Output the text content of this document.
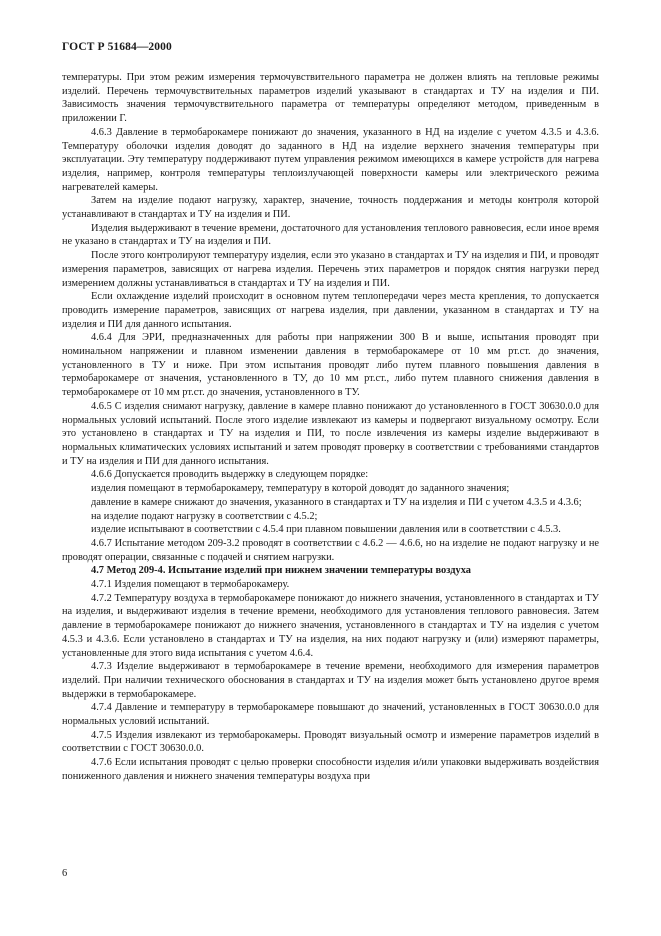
ГОСТ Р 51684—2000

температуры. При этом режим измерения термочувствительного параметра не должен влиять на тепловые режимы изделий. Перечень термочувствительных параметров изделий указывают в стандартах и ТУ на изделия и ПИ. Зависимость значения термочувствительного параметра от температуры определяют методом, приведенным в приложении Г.

4.6.3 Давление в термобарокамере понижают до значения, указанного в НД на изделие с учетом 4.3.5 и 4.3.6. Температуру оболочки изделия доводят до заданного в НД на изделие верхнего значения температуры при эксплуатации. Эту температуру поддерживают путем управления режимом имеющихся в камере устройств для нагрева изделия, например, контроля температуры теплоизлучающей поверхности камеры или электрического режима нагревателей камеры.

Затем на изделие подают нагрузку, характер, значение, точность поддержания и методы контроля которой устанавливают в стандартах и ТУ на изделия и ПИ.

Изделия выдерживают в течение времени, достаточного для установления теплового равновесия, если иное время не указано в стандартах и ТУ на изделия и ПИ.

После этого контролируют температуру изделия, если это указано в стандартах и ТУ на изделия и ПИ, и проводят измерения параметров, зависящих от нагрева изделия. Перечень этих параметров и порядок снятия нагрузки перед измерением должны устанавливаться в стандартах и ТУ на изделия и ПИ.

Если охлаждение изделий происходит в основном путем теплопередачи через места крепления, то допускается проводить измерение параметров, зависящих от нагрева изделия, при давлении, указанном в стандартах и ТУ на изделия и ПИ для данного испытания.

4.6.4 Для ЭРИ, предназначенных для работы при напряжении 300 В и выше, испытания проводят при номинальном напряжении и плавном изменении давления в термобарокамере от 10 мм рт.ст. до значения, установленного в ТУ и ниже. При этом испытания проводят либо путем плавного повышения давления в термобарокамере от значения, установленного в ТУ, до 10 мм рт.ст., либо путем плавного снижения давления в термобарокамере от 10 мм рт.ст. до значения, установленного в ТУ.

4.6.5 С изделия снимают нагрузку, давление в камере плавно понижают до установленного в ГОСТ 30630.0.0 для нормальных условий испытаний. После этого изделие извлекают из камеры и подвергают визуальному осмотру. Если это установлено в стандартах и ТУ на изделия и ПИ, то после извлечения из камеры изделие выдерживают в нормальных климатических условиях испытаний и затем проводят проверку в соответствии с требованиями стандартов и ТУ на изделия и ПИ для данного испытания.

4.6.6 Допускается проводить выдержку в следующем порядке:

изделия помещают в термобарокамеру, температуру в которой доводят до заданного значения;

давление в камере снижают до значения, указанного в стандартах и ТУ на изделия и ПИ с учетом 4.3.5 и 4.3.6;

на изделие подают нагрузку в соответствии с 4.5.2;

изделие испытывают в соответствии с 4.5.4 при плавном повышении давления или в соответствии с 4.5.3.

4.6.7 Испытание методом 209-3.2 проводят в соответствии с 4.6.2 — 4.6.6, но на изделие не подают нагрузку и не проводят операции, связанные с подачей и снятием нагрузки.

4.7 Метод 209-4. Испытание изделий при нижнем значении температуры воздуха

4.7.1 Изделия помещают в термобарокамеру.

4.7.2 Температуру воздуха в термобарокамере понижают до нижнего значения, установленного в стандартах и ТУ на изделия, и выдерживают изделия в течение времени, необходимого для установления теплового равновесия. Затем давление в термобарокамере понижают до нижнего значения, установленного в стандартах и ТУ на изделия с учетом 4.5.3 и 4.3.6. Если установлено в стандартах и ТУ на изделия, на них подают нагрузку и (или) измеряют параметры, установленные для этого вида испытания с учетом 4.6.4.

4.7.3 Изделие выдерживают в термобарокамере в течение времени, необходимого для измерения параметров изделий. При наличии технического обоснования в стандартах и ТУ на изделия может быть установлено другое время выдержки в термобарокамере.

4.7.4 Давление и температуру в термобарокамере повышают до значений, установленных в ГОСТ 30630.0.0 для нормальных условий испытаний.

4.7.5 Изделия извлекают из термобарокамеры. Проводят визуальный осмотр и измерение параметров изделий в соответствии с ГОСТ 30630.0.0.

4.7.6 Если испытания проводят с целью проверки способности изделия и/или упаковки выдерживать воздействия пониженного давления и нижнего значения температуры воздуха при

6
